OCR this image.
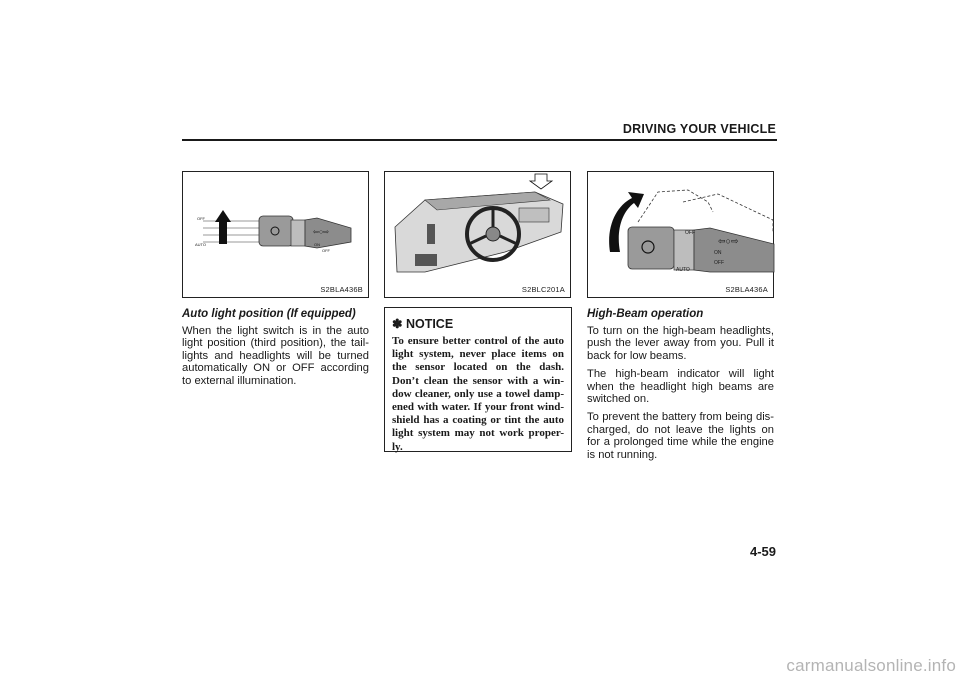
DRIVING YOUR VEHICLE
⇦○⇨
OFF
AUTO	ON
OFF
S2BLA436B	S2BLC201A
⇦○⇨
OFF
AUTO
ON
OFF
S2BLA436A

Auto light position (If equipped)

When the light switch is in the auto light position (third position), the tail-lights and headlights will be turned automatically ON or OFF according to external illumination.

✽ NOTICE

To ensure better control of the auto light system, never place items on the sensor located on the dash. Don’t clean the sensor with a win-dow cleaner, only use a towel damp-ened with water. If your front wind-shield has a coating or tint the auto light system may not work proper-ly.

High-Beam operation

To turn on the high-beam headlights, push the lever away from you. Pull it back for low beams.

The high-beam indicator will light when the headlight high beams are switched on.

To prevent the battery from being dis-charged, do not leave the lights on for a prolonged time while the engine is not running.

4-59
carmanualsonline.info
